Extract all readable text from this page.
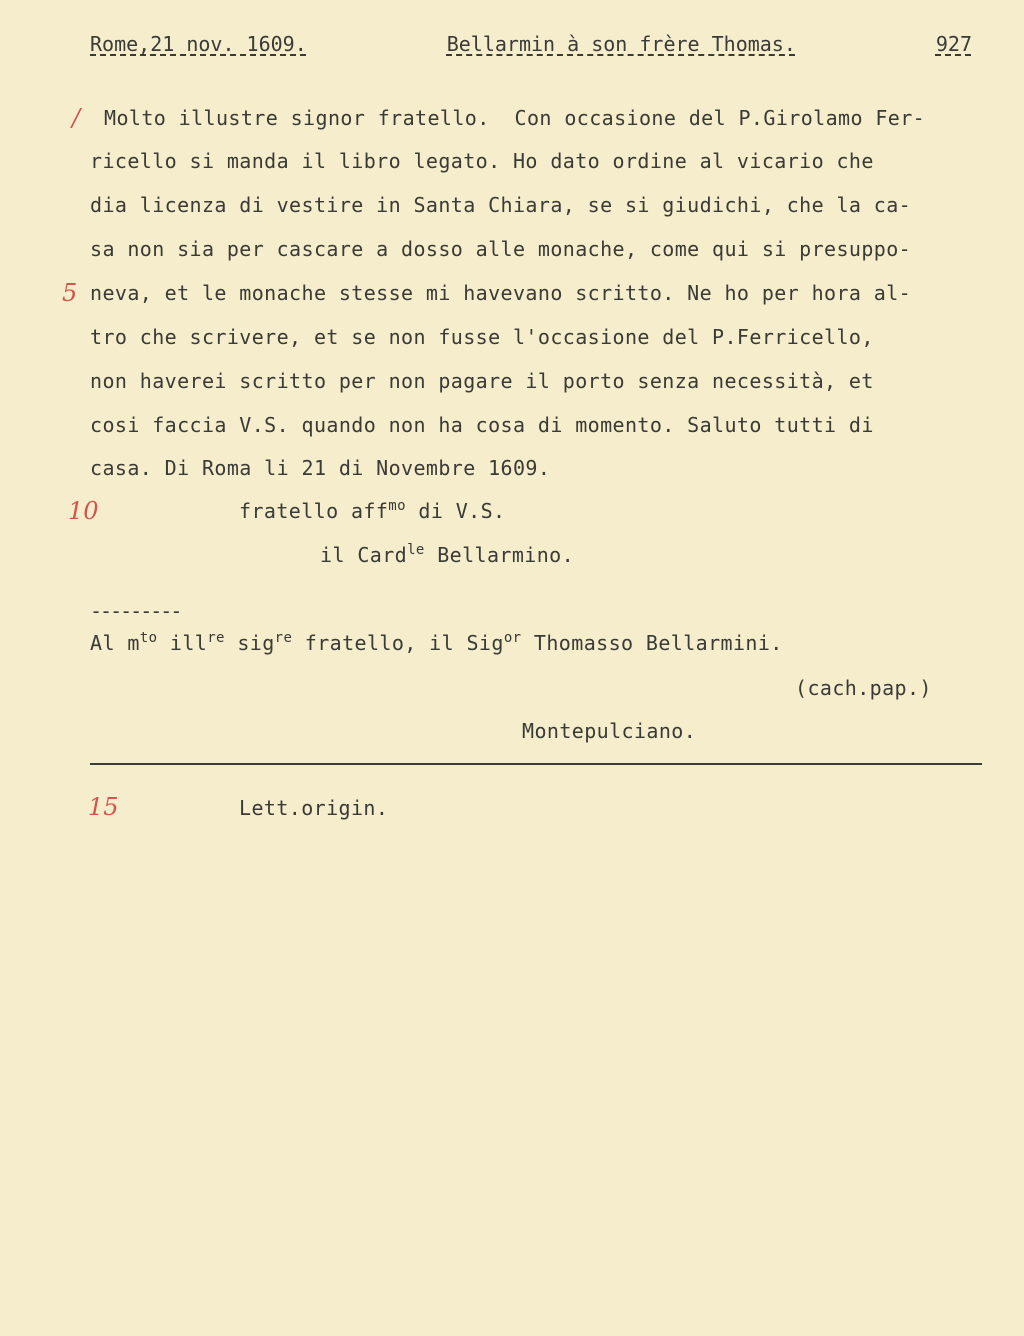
Rome,21 nov. 1609.	Bellarmin à son frère Thomas.	927
/
5
10
15
Molto illustre signor fratello.  Con occasione del P.Girolamo Fer-
ricello si manda il libro legato. Ho dato ordine al vicario che
dia licenza di vestire in Santa Chiara, se si giudichi, che la ca-
sa non sia per cascare a dosso alle monache, come qui si presuppo-
neva, et le monache stesse mi havevano scritto. Ne ho per hora al-
tro che scrivere, et se non fusse l'occasione del P.Ferricello,
non haverei scritto per non pagare il porto senza necessità, et
cosi faccia V.S. quando non ha cosa di momento. Saluto tutti di
casa. Di Roma li 21 di Novembre 1609.
fratello aff$^{mo}$ di V.S.
il Card$^{le}$ Bellarmino.
---------
Al $m^{to}$ ill$^{re}$ sig$^{re}$ fratello, il Sig$^{or}$ Thomasso Bellarmini.
(cach.pap.)
Montepulciano.
Lett.origin.
